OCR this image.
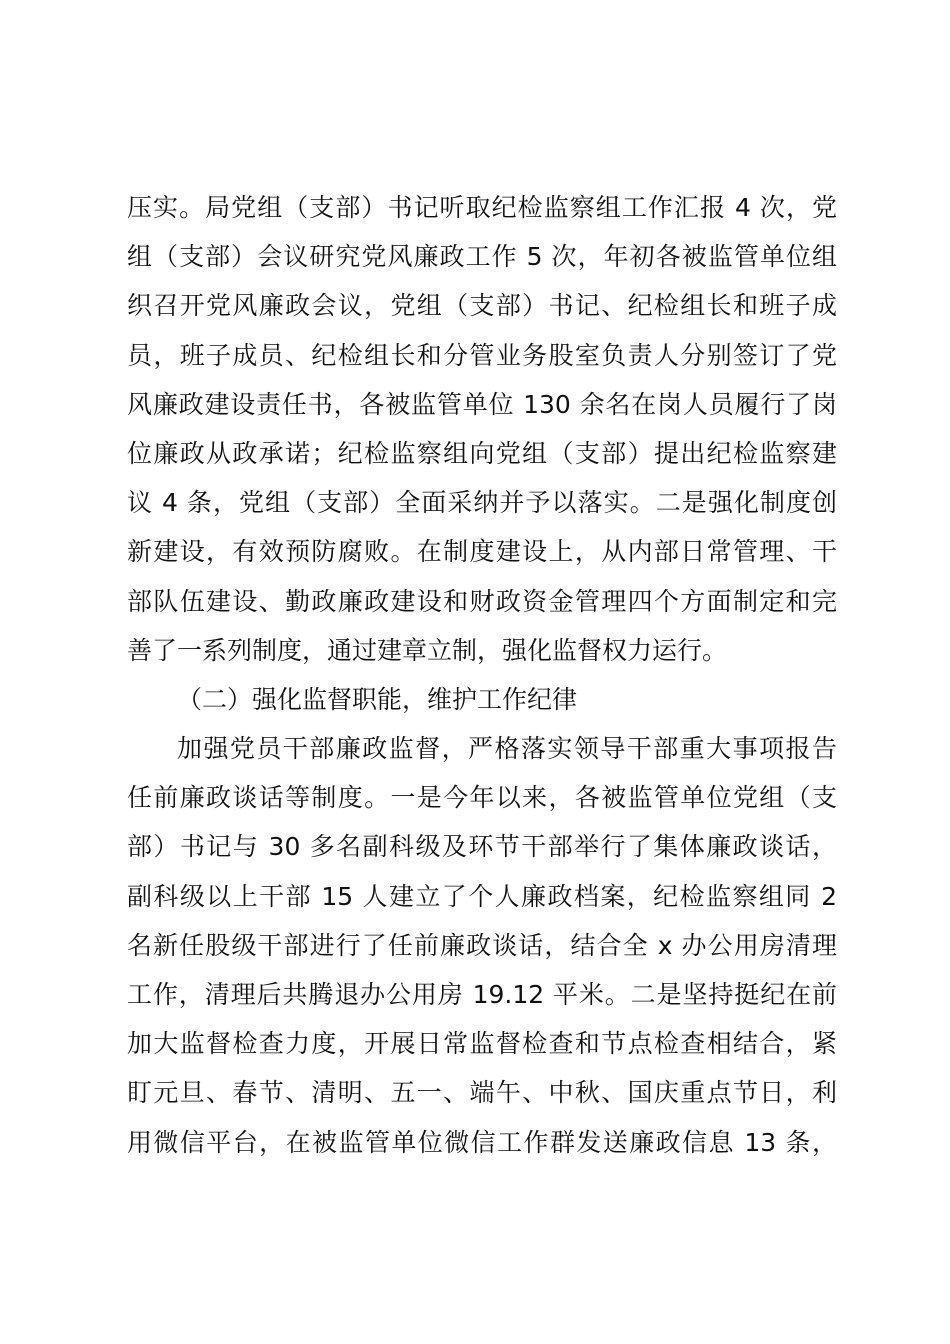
压实。局党组（支部）书记听取纪检监察组工作汇报 4 次，党
组（支部）会议研究党风廉政工作 5 次，年初各被监管单位组
织召开党风廉政会议，党组（支部）书记、纪检组长和班子成
员，班子成员、纪检组长和分管业务股室负责人分别签订了党
风廉政建设责任书，各被监管单位 130 余名在岗人员履行了岗
位廉政从政承诺；纪检监察组向党组（支部）提出纪检监察建
议 4 条，党组（支部）全面采纳并予以落实。二是强化制度创
新建设，有效预防腐败。在制度建设上，从内部日常管理、干
部队伍建设、勤政廉政建设和财政资金管理四个方面制定和完
善了一系列制度，通过建章立制，强化监督权力运行。
（二）强化监督职能，维护工作纪律
加强党员干部廉政监督，严格落实领导干部重大事项报告
任前廉政谈话等制度。一是今年以来，各被监管单位党组（支
部）书记与 30 多名副科级及环节干部举行了集体廉政谈话，
副科级以上干部 15 人建立了个人廉政档案，纪检监察组同 2
名新任股级干部进行了任前廉政谈话，结合全 x 办公用房清理
工作，清理后共腾退办公用房 19.12 平米。二是坚持挺纪在前
加大监督检查力度，开展日常监督检查和节点检查相结合，紧
盯元旦、春节、清明、五一、端午、中秋、国庆重点节日，利
用微信平台，在被监管单位微信工作群发送廉政信息 13 条，
